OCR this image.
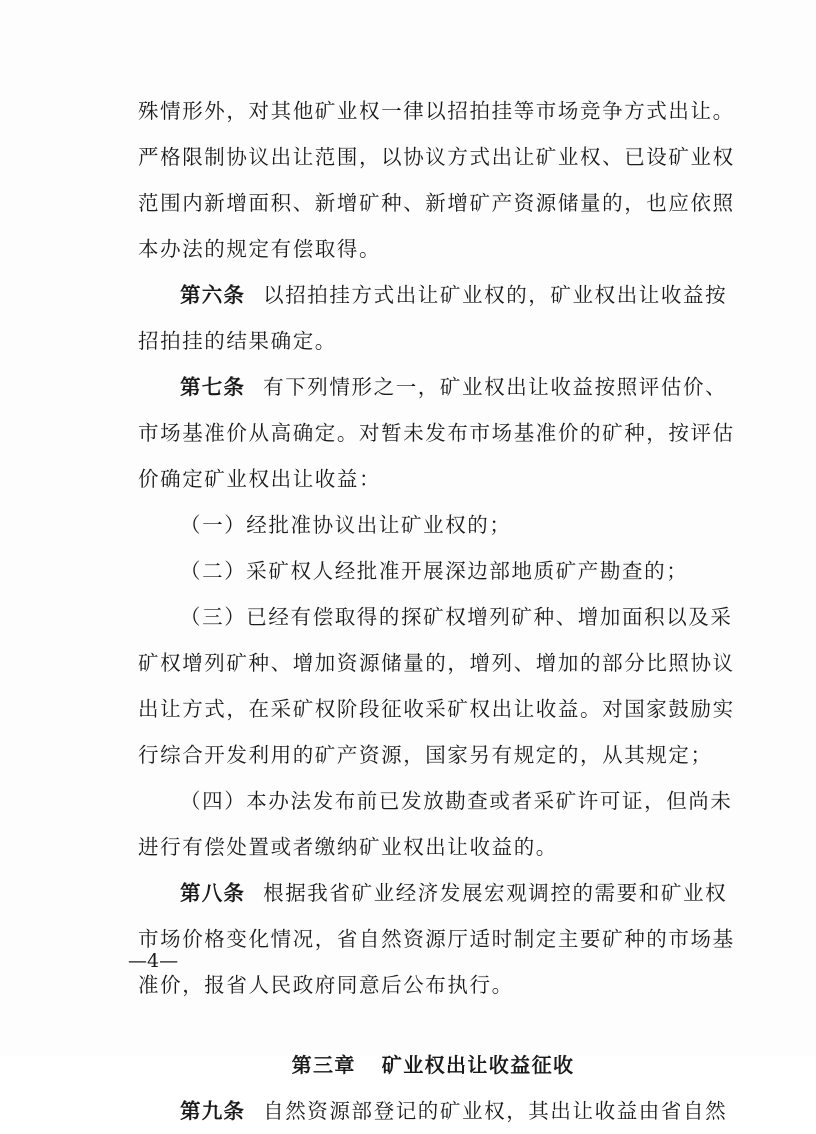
殊情形外，对其他矿业权一律以招拍挂等市场竞争方式出让。
严格限制协议出让范围，以协议方式出让矿业权、已设矿业权
范围内新增面积、新增矿种、新增矿产资源储量的，也应依照
本办法的规定有偿取得。
第六条 以招拍挂方式出让矿业权的，矿业权出让收益按
招拍挂的结果确定。
第七条 有下列情形之一，矿业权出让收益按照评估价、
市场基准价从高确定。对暂未发布市场基准价的矿种，按评估
价确定矿业权出让收益：
（一）经批准协议出让矿业权的；
（二）采矿权人经批准开展深边部地质矿产勘查的；
（三）已经有偿取得的探矿权增列矿种、增加面积以及采
矿权增列矿种、增加资源储量的，增列、增加的部分比照协议
出让方式，在采矿权阶段征收采矿权出让收益。对国家鼓励实
行综合开发利用的矿产资源，国家另有规定的，从其规定；
（四）本办法发布前已发放勘查或者采矿许可证，但尚未
进行有偿处置或者缴纳矿业权出让收益的。
第八条 根据我省矿业经济发展宏观调控的需要和矿业权
市场价格变化情况，省自然资源厅适时制定主要矿种的市场基
准价，报省人民政府同意后公布执行。
第三章 矿业权出让收益征收
第九条 自然资源部登记的矿业权，其出让收益由省自然
—4—
